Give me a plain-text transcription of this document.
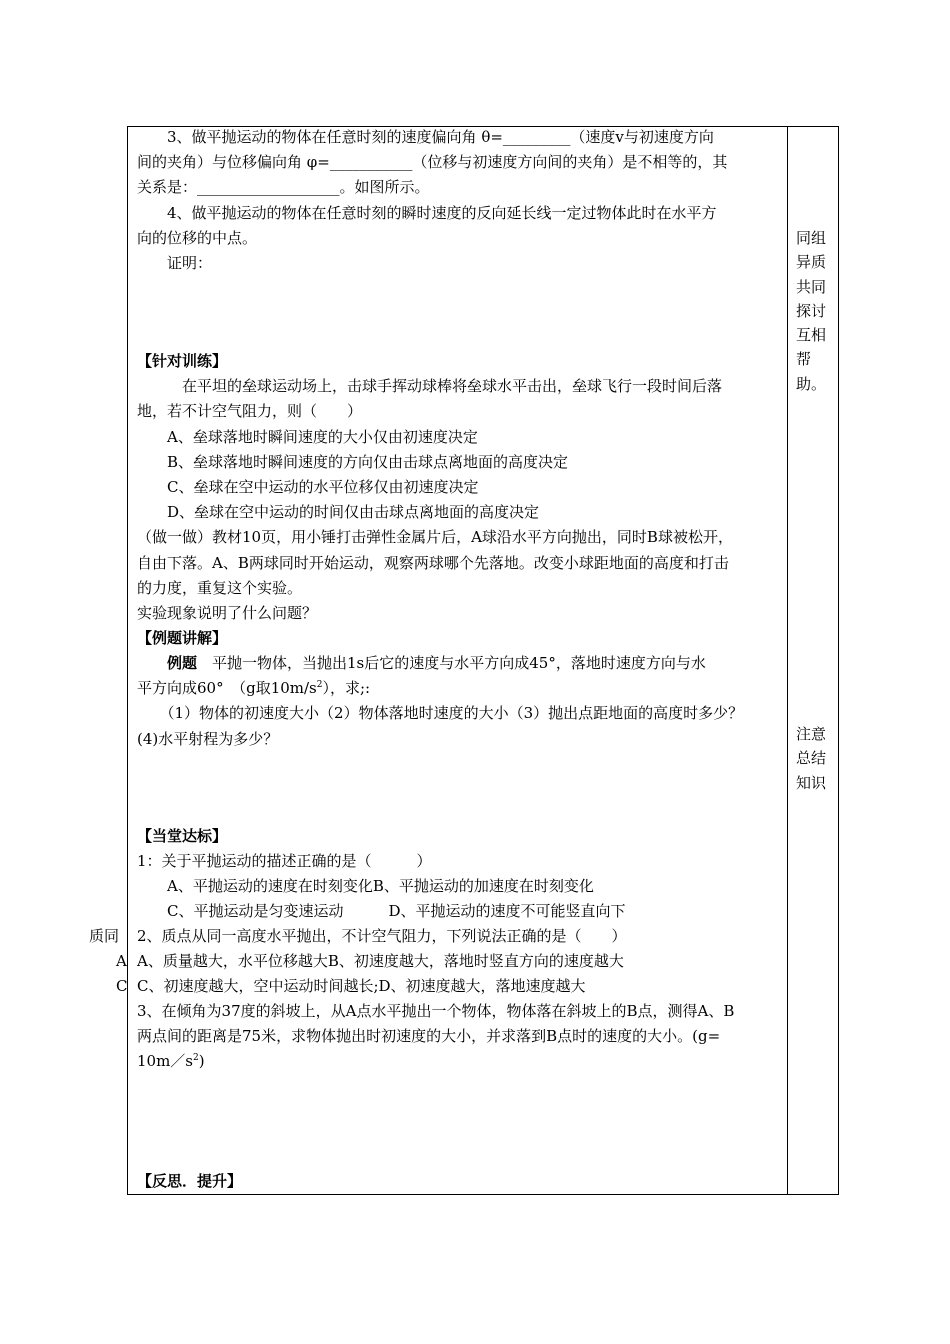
　　3、做平抛运动的物体在任意时刻的速度偏向角 θ=_________（速度v与初速度方向
间的夹角）与位移偏向角 φ=___________（位移与初速度方向间的夹角）是不相等的，其
关系是：___________________。如图所示。
　　4、做平抛运动的物体在任意时刻的瞬时速度的反向延长线一定过物体此时在水平方
向的位移的中点。
　　证明：
【针对训练】
　　　在平坦的垒球运动场上，击球手挥动球棒将垒球水平击出，垒球飞行一段时间后落
地，若不计空气阻力，则（　　）
　　A、垒球落地时瞬间速度的大小仅由初速度决定
　　B、垒球落地时瞬间速度的方向仅由击球点离地面的高度决定
　　C、垒球在空中运动的水平位移仅由初速度决定
　　D、垒球在空中运动的时间仅由击球点离地面的高度决定
（做一做）教材10页，用小锤打击弹性金属片后，A球沿水平方向抛出，同时B球被松开，
自由下落。A、B两球同时开始运动，观察两球哪个先落地。改变小球距地面的高度和打击
的力度，重复这个实验。
实验现象说明了什么问题？
【例题讲解】
　　例题　平抛一物体，当抛出1s后它的速度与水平方向成45°，落地时速度方向与水
平方向成60°　（g取$10m/s^2$），求;:
　　（1）物体的初速度大小（2）物体落地时速度的大小（3）抛出点距地面的高度时多少？
(4)水平射程为多少？
【当堂达标】
1：关于平抛运动的描述正确的是（　　　）
　　A、平抛运动的速度在时刻变化B、平抛运动的加速度在时刻变化
　　C、平抛运动是匀变速运动　　　D、平抛运动的速度不可能竖直向下
2、质点从同一高度水平抛出，不计空气阻力，下列说法正确的是（　　）
A、质量越大，水平位移越大B、初速度越大，落地时竖直方向的速度越大
C、初速度越大，空中运动时间越长;D、初速度越大，落地速度越大
3、在倾角为37度的斜坡上，从A点水平抛出一个物体，物体落在斜坡上的B点，测得A、B
两点间的距离是75米，求物体抛出时初速度的大小，并求落到B点时的速度的大小。(g=
$10m/s^2$)
【反思．提升】
同组
异质
共同
探讨
互相
帮
助。
注意
总结
知识
质同
A
C
